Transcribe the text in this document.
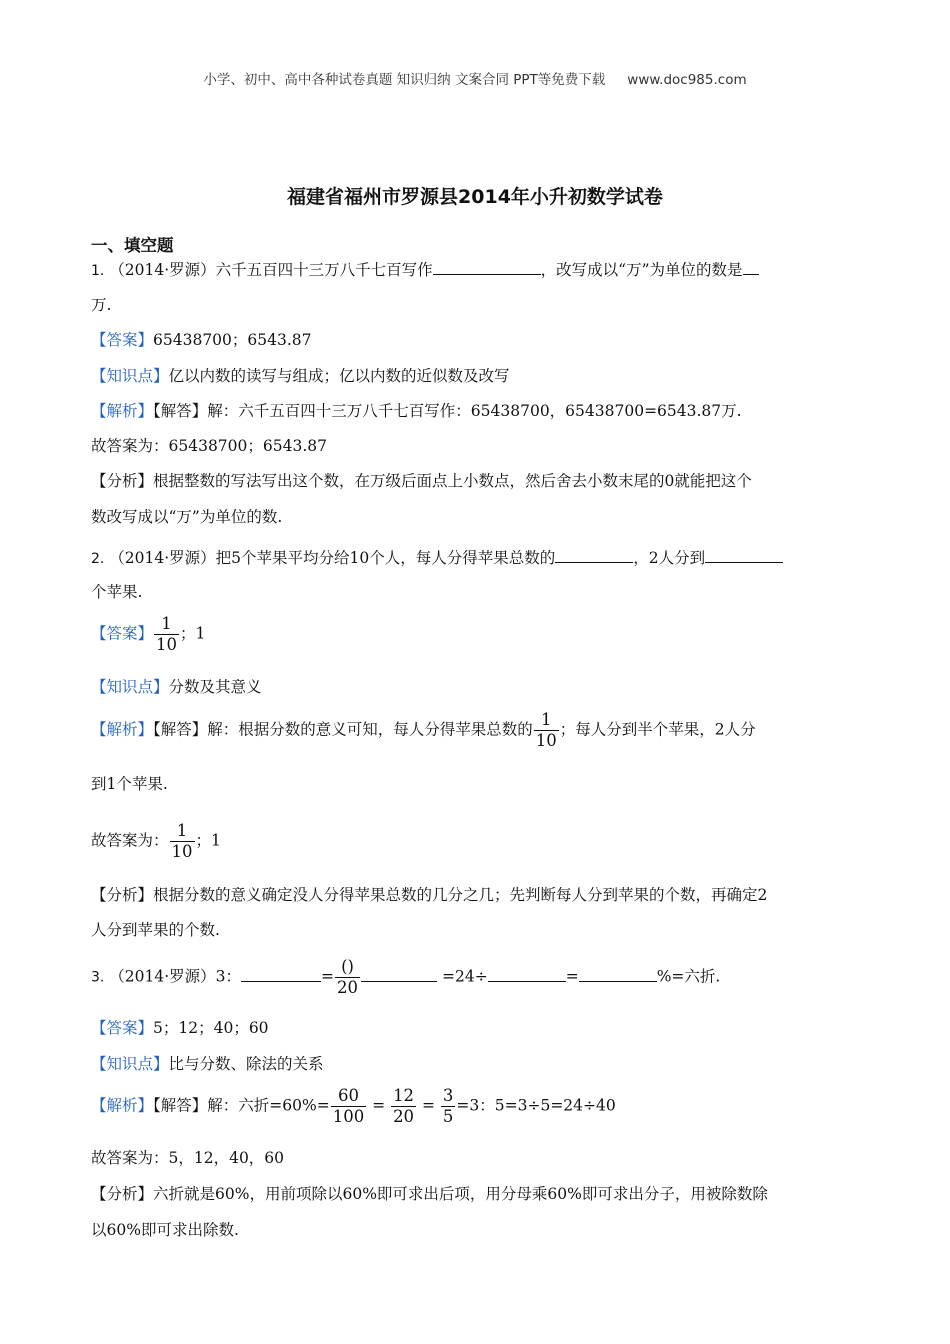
小学、初中、高中各种试卷真题 知识归纳 文案合同 PPT等免费下载 www.doc985.com
福建省福州市罗源县2014年小升初数学试卷
一、填空题
1. （2014·罗源）六千五百四十三万八千七百写作	，改写成以“万”为单位的数是
万.
【答案】65438700；6543.87
【知识点】亿以内数的读写与组成；亿以内数的近似数及改写
【解析】【解答】解：六千五百四十三万八千七百写作：65438700，65438700=6543.87万.
故答案为：65438700；6543.87
【分析】根据整数的写法写出这个数，在万级后面点上小数点，然后舍去小数末尾的0就能把这个
数改写成以“万”为单位的数.
2. （2014·罗源）把5个苹果平均分给10个人，每人分得苹果总数的	，2人分到
个苹果.
【答案】 $\frac{1}{10}$ ；1
【知识点】分数及其意义
【解析】【解答】解：根据分数的意义可知，每人分得苹果总数的 $\frac{1}{10}$ ；每人分到半个苹果，2人分
到1个苹果.
故答案为： $\frac{1}{10}$ ；1
【分析】根据分数的意义确定没人分得苹果总数的几分之几；先判断每人分到苹果的个数，再确定2
人分到苹果的个数.
3. （2014·罗源）3：	= $\frac{()}{20}$	=24÷	=	%=六折.
【答案】5；12；40；60
【知识点】比与分数、除法的关系
【解析】【解答】解：六折$=60\%= \frac{60}{100} = \frac{12}{20} = \frac{3}{5} =3$：5=3÷5=24÷40
故答案为：5，12，40，60
【分析】六折就是60%，用前项除以60%即可求出后项，用分母乘60%即可求出分子，用被除数除
以60%即可求出除数.
